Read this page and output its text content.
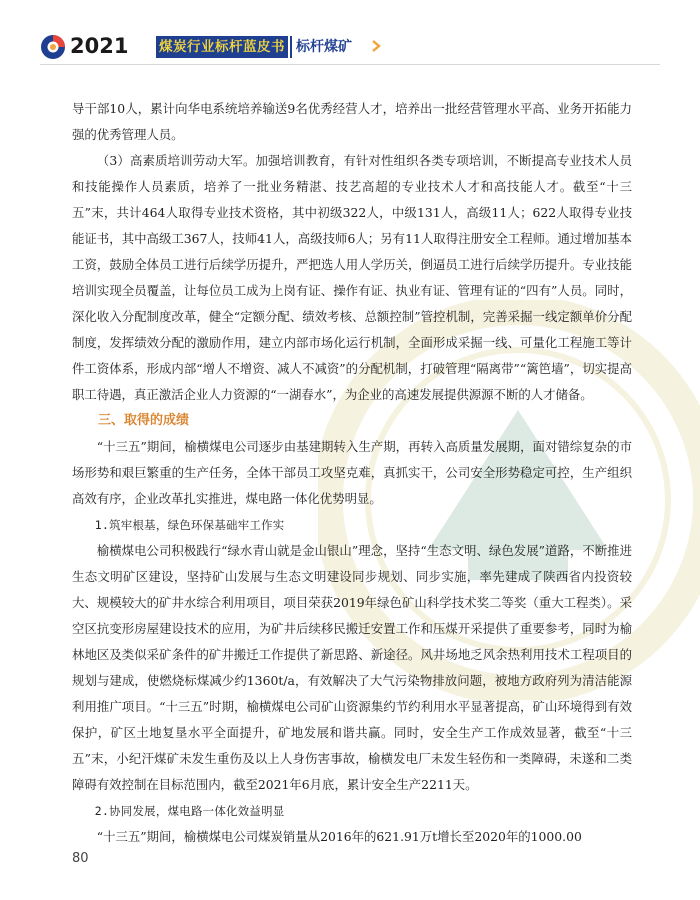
2021 煤炭行业标杆蓝皮书 标杆煤矿

导干部10人，累计向华电系统培养输送9名优秀经营人才，培养出一批经营管理水平高、业务开拓能力强的优秀管理人员。

（3）高素质培训劳动大军。加强培训教育，有针对性组织各类专项培训，不断提高专业技术人员和技能操作人员素质，培养了一批业务精湛、技艺高超的专业技术人才和高技能人才。截至“十三五”末，共计464人取得专业技术资格，其中初级322人，中级131人，高级11人；622人取得专业技能证书，其中高级工367人，技师41人，高级技师6人；另有11人取得注册安全工程师。通过增加基本工资，鼓励全体员工进行后续学历提升，严把选人用人学历关，倒逼员工进行后续学历提升。专业技能培训实现全员覆盖，让每位员工成为上岗有证、操作有证、执业有证、管理有证的“四有”人员。同时，深化收入分配制度改革，健全“定额分配、绩效考核、总额控制”管控机制，完善采掘一线定额单价分配制度，发挥绩效分配的激励作用，建立内部市场化运行机制，全面形成采掘一线、可量化工程施工等计件工资体系，形成内部“增人不增资、减人不减资”的分配机制，打破管理“隔离带”“篱笆墙”，切实提高职工待遇，真正激活企业人力资源的“一湖春水”，为企业的高速发展提供源源不断的人才储备。

三、取得的成绩

“十三五”期间，榆横煤电公司逐步由基建期转入生产期，再转入高质量发展期，面对错综复杂的市场形势和艰巨繁重的生产任务，全体干部员工攻坚克难，真抓实干，公司安全形势稳定可控，生产组织高效有序，企业改革扎实推进，煤电路一体化优势明显。

1.筑牢根基，绿色环保基础牢工作实

榆横煤电公司积极践行“绿水青山就是金山银山”理念，坚持“生态文明、绿色发展”道路，不断推进生态文明矿区建设，坚持矿山发展与生态文明建设同步规划、同步实施，率先建成了陕西省内投资较大、规模较大的矿井水综合利用项目，项目荣获2019年绿色矿山科学技术奖二等奖（重大工程类）。采空区抗变形房屋建设技术的应用，为矿井后续移民搬迁安置工作和压煤开采提供了重要参考，同时为榆林地区及类似采矿条件的矿井搬迁工作提供了新思路、新途径。风井场地乏风余热利用技术工程项目的规划与建成，使燃烧标煤减少约1360t/a，有效解决了大气污染物排放问题，被地方政府列为清洁能源利用推广项目。“十三五”时期，榆横煤电公司矿山资源集约节约利用水平显著提高，矿山环境得到有效保护，矿区土地复垦水平全面提升，矿地发展和谐共赢。同时，安全生产工作成效显著，截至“十三五”末，小纪汗煤矿未发生重伤及以上人身伤害事故，榆横发电厂未发生轻伤和一类障碍，未遂和二类障碍有效控制在目标范围内，截至2021年6月底，累计安全生产2211天。

2.协同发展，煤电路一体化效益明显

“十三五”期间，榆横煤电公司煤炭销量从2016年的621.91万t增长至2020年的1000.00

80
